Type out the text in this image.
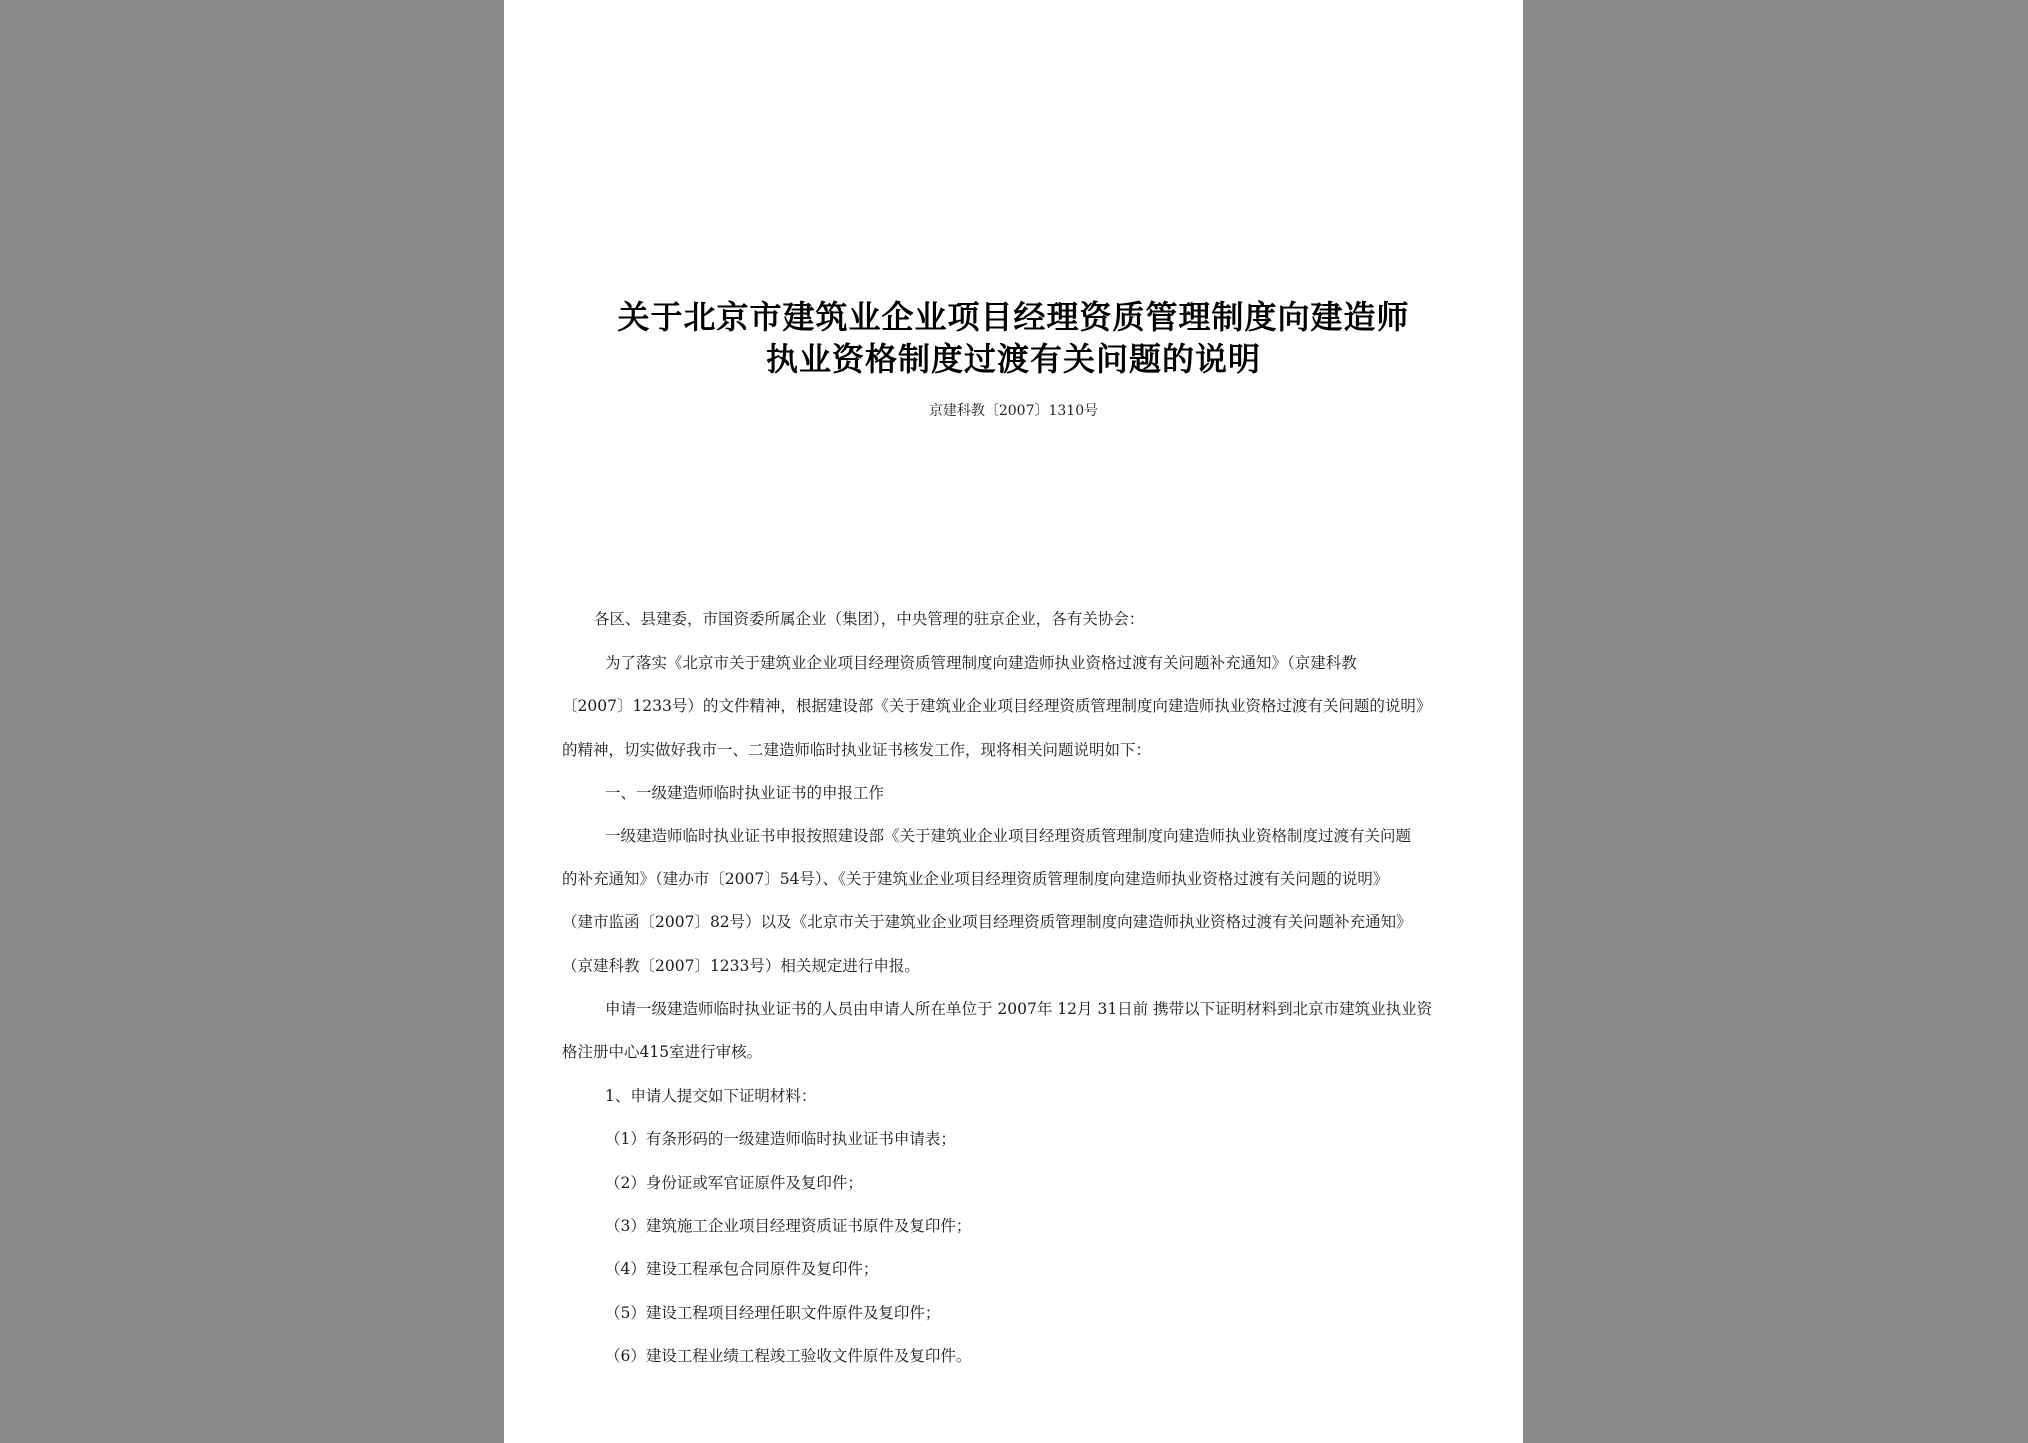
关于北京市建筑业企业项目经理资质管理制度向建造师
执业资格制度过渡有关问题的说明
京建科教〔2007〕1310号
各区、县建委，市国资委所属企业（集团），中央管理的驻京企业，各有关协会：
为了落实《北京市关于建筑业企业项目经理资质管理制度向建造师执业资格过渡有关问题补充通知》（京建科教
〔2007〕1233号）的文件精神，根据建设部《关于建筑业企业项目经理资质管理制度向建造师执业资格过渡有关问题的说明》
的精神，切实做好我市一、二建造师临时执业证书核发工作，现将相关问题说明如下：
一、一级建造师临时执业证书的申报工作
一级建造师临时执业证书申报按照建设部《关于建筑业企业项目经理资质管理制度向建造师执业资格制度过渡有关问题
的补充通知》（建办市〔2007〕54号）、《关于建筑业企业项目经理资质管理制度向建造师执业资格过渡有关问题的说明》
（建市监函〔2007〕82号）以及《北京市关于建筑业企业项目经理资质管理制度向建造师执业资格过渡有关问题补充通知》
（京建科教〔2007〕1233号）相关规定进行申报。
申请一级建造师临时执业证书的人员由申请人所在单位于 2007年 12月 31日前 携带以下证明材料到北京市建筑业执业资
格注册中心415室进行审核。
1、申请人提交如下证明材料：
（1）有条形码的一级建造师临时执业证书申请表；
（2）身份证或军官证原件及复印件；
（3）建筑施工企业项目经理资质证书原件及复印件；
（4）建设工程承包合同原件及复印件；
（5）建设工程项目经理任职文件原件及复印件；
（6）建设工程业绩工程竣工验收文件原件及复印件。
